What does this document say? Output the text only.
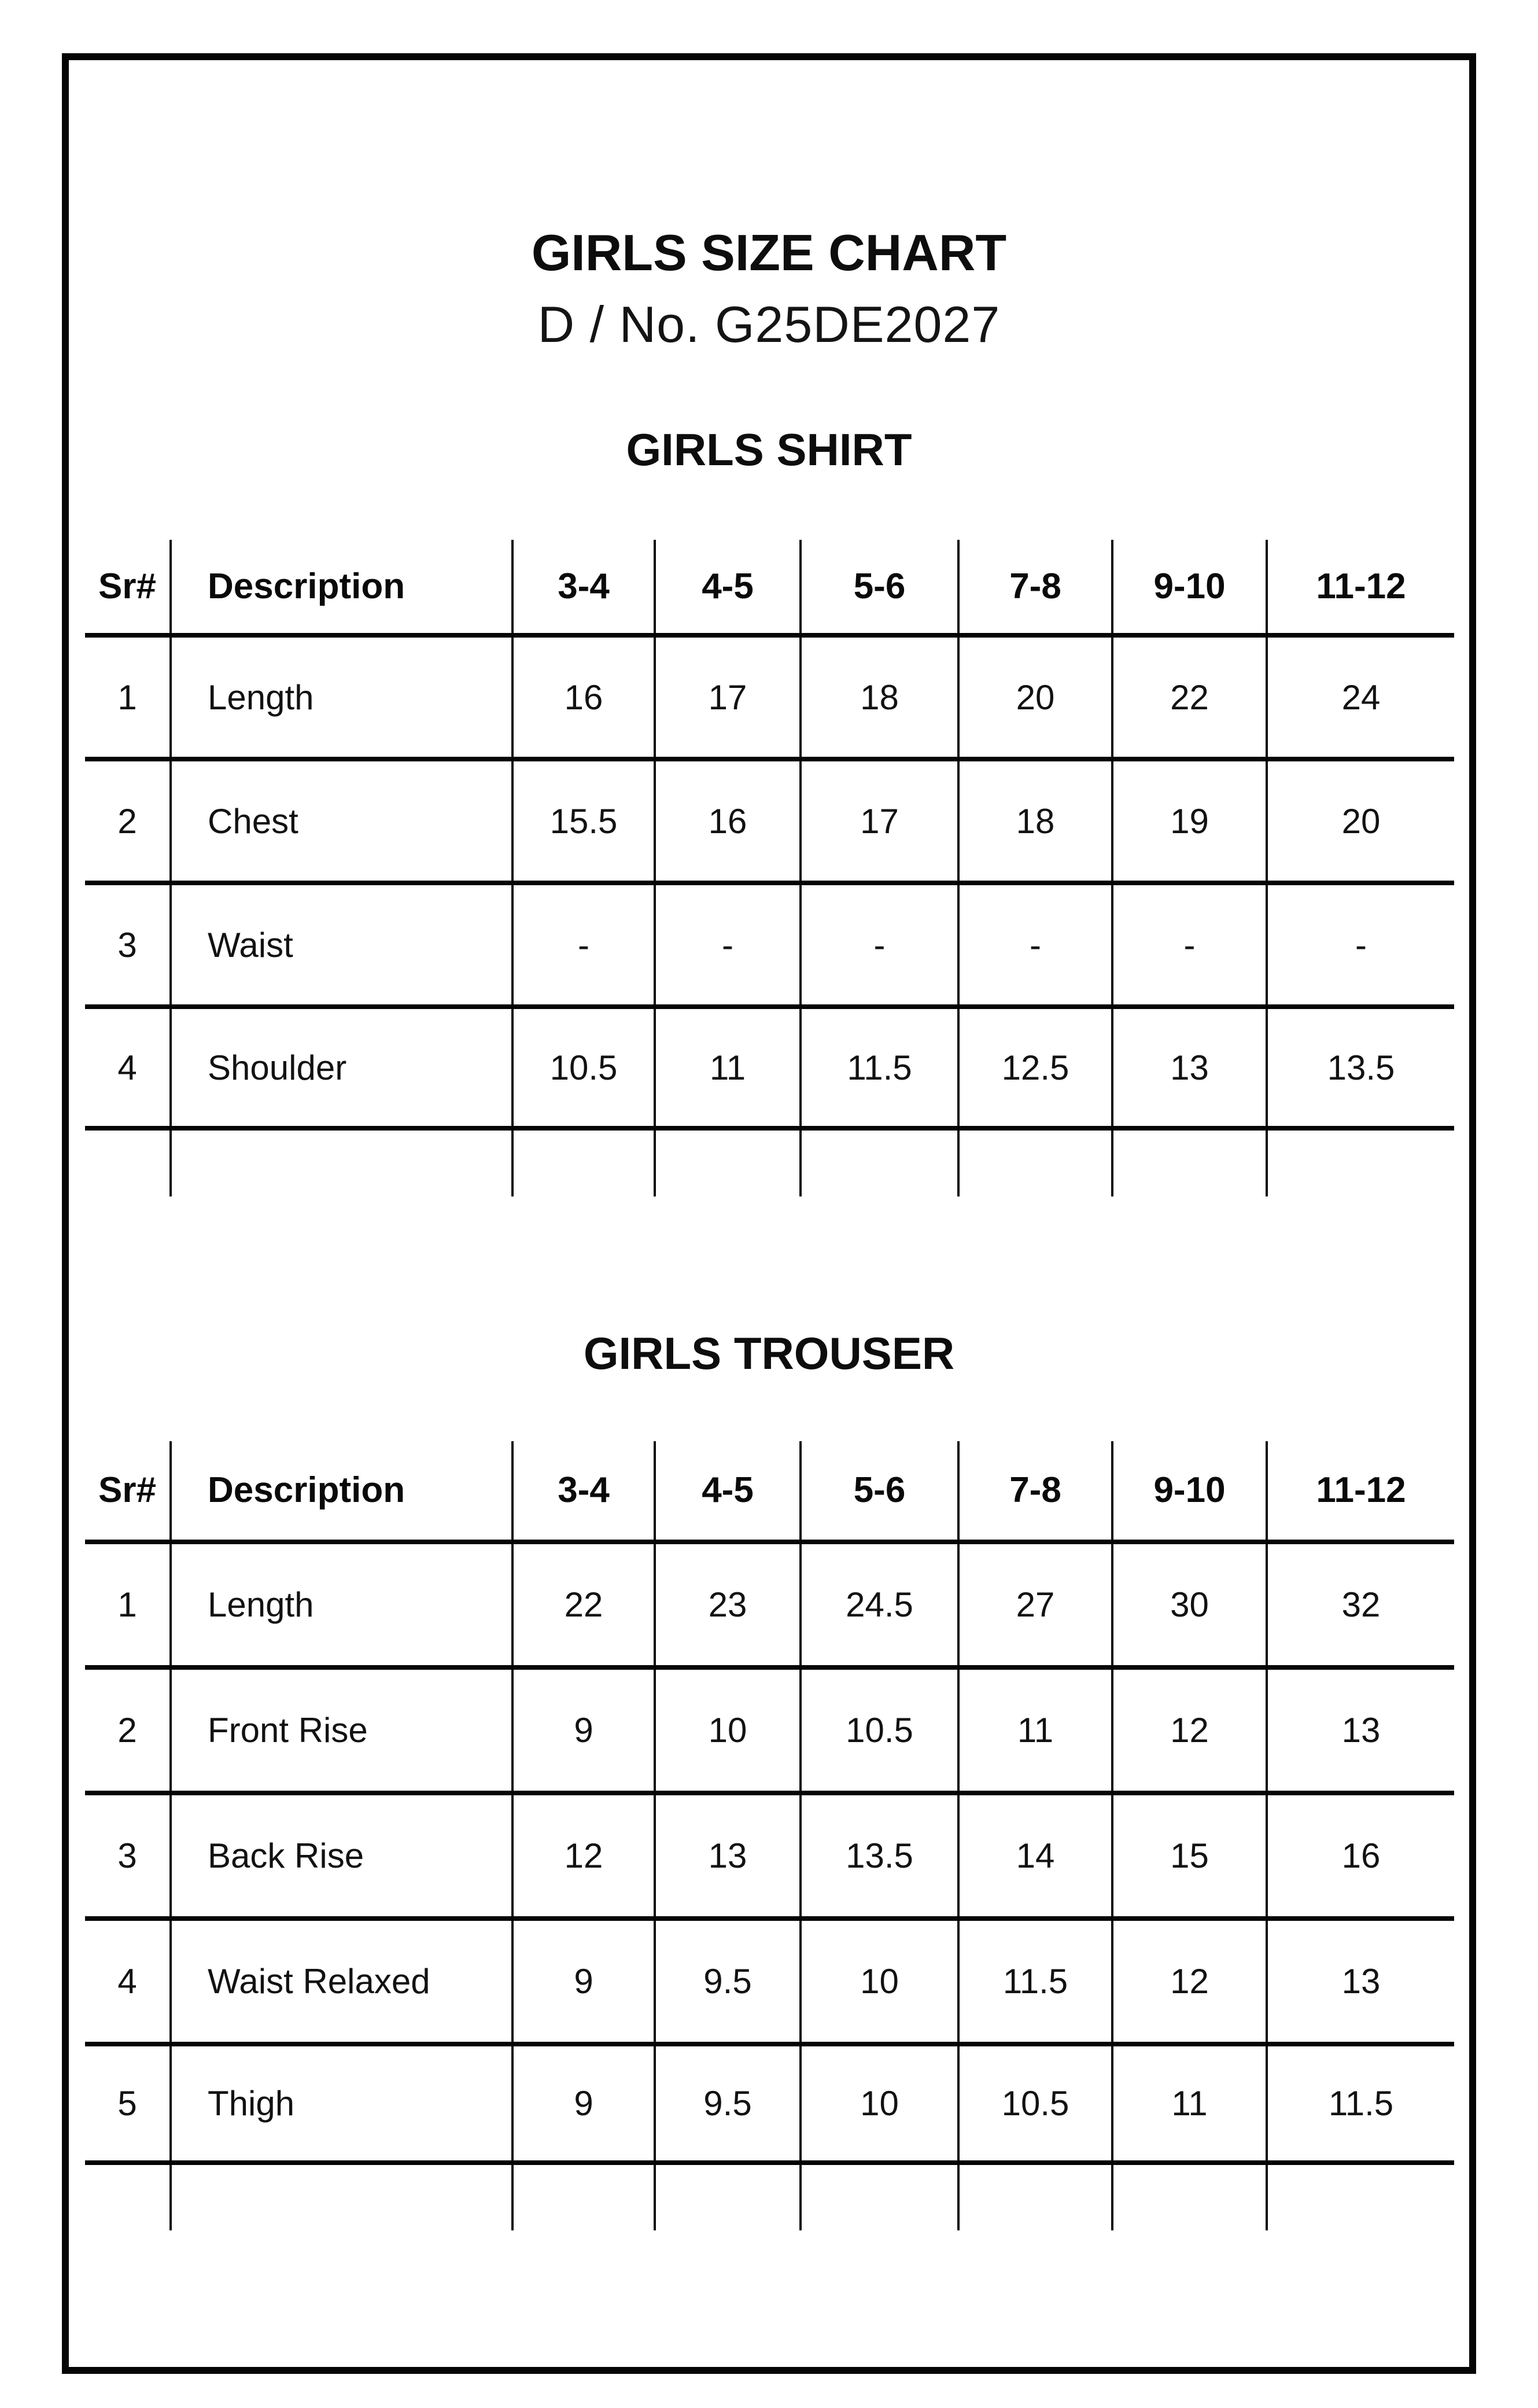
GIRLS SIZE CHART
D / No. G25DE2027
GIRLS SHIRT
Sr#	Description	3-4	4-5	5-6	7-8	9-10	11-12
1	Length	16	17	18	20	22	24
2	Chest	15.5	16	17	18	19	20
3	Waist	-	-	-	-	-	-
4	Shoulder	10.5	11	11.5	12.5	13	13.5

GIRLS TROUSER
Sr#	Description	3-4	4-5	5-6	7-8	9-10	11-12
1	Length	22	23	24.5	27	30	32
2	Front Rise	9	10	10.5	11	12	13
3	Back Rise	12	13	13.5	14	15	16
4	Waist Relaxed	9	9.5	10	11.5	12	13
5	Thigh	9	9.5	10	10.5	11	11.5
